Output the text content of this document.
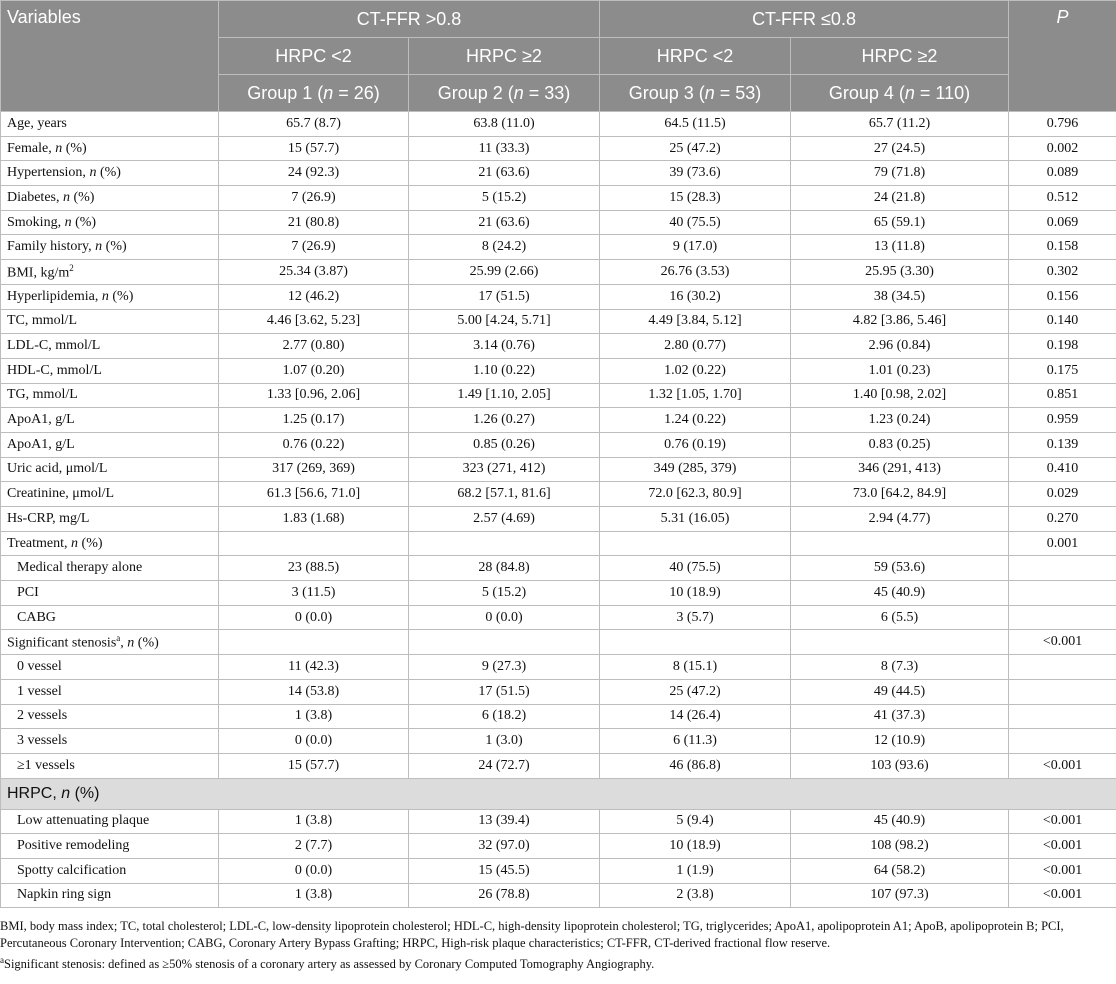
Variables	CT-FFR >0.8		CT-FFR ≤0.8		P
	HRPC <2	HRPC ≥2	HRPC <2	HRPC ≥2	
	Group 1 (n = 26)	Group 2 (n = 33)	Group 3 (n = 53)	Group 4 (n = 110)	
Age, years	65.7 (8.7)	63.8 (11.0)	64.5 (11.5)	65.7 (11.2)	0.796
Female, n (%)	15 (57.7)	11 (33.3)	25 (47.2)	27 (24.5)	0.002
Hypertension, n (%)	24 (92.3)	21 (63.6)	39 (73.6)	79 (71.8)	0.089
Diabetes, n (%)	7 (26.9)	5 (15.2)	15 (28.3)	24 (21.8)	0.512
Smoking, n (%)	21 (80.8)	21 (63.6)	40 (75.5)	65 (59.1)	0.069
Family history, n (%)	7 (26.9)	8 (24.2)	9 (17.0)	13 (11.8)	0.158
BMI, $kg/m^2$	25.34 (3.87)	25.99 (2.66)	26.76 (3.53)	25.95 (3.30)	0.302
Hyperlipidemia, n (%)	12 (46.2)	17 (51.5)	16 (30.2)	38 (34.5)	0.156
TC, mmol/L	4.46 [3.62, 5.23]	5.00 [4.24, 5.71]	4.49 [3.84, 5.12]	4.82 [3.86, 5.46]	0.140
LDL-C, mmol/L	2.77 (0.80)	3.14 (0.76)	2.80 (0.77)	2.96 (0.84)	0.198
HDL-C, mmol/L	1.07 (0.20)	1.10 (0.22)	1.02 (0.22)	1.01 (0.23)	0.175
TG, mmol/L	1.33 [0.96, 2.06]	1.49 [1.10, 2.05]	1.32 [1.05, 1.70]	1.40 [0.98, 2.02]	0.851
ApoA1, g/L	1.25 (0.17)	1.26 (0.27)	1.24 (0.22)	1.23 (0.24)	0.959
ApoA1, g/L	0.76 (0.22)	0.85 (0.26)	0.76 (0.19)	0.83 (0.25)	0.139
Uric acid, μmol/L	317 (269, 369)	323 (271, 412)	349 (285, 379)	346 (291, 413)	0.410
Creatinine, μmol/L	61.3 [56.6, 71.0]	68.2 [57.1, 81.6]	72.0 [62.3, 80.9]	73.0 [64.2, 84.9]	0.029
Hs-CRP, mg/L	1.83 (1.68)	2.57 (4.69)	5.31 (16.05)	2.94 (4.77)	0.270
Treatment, n (%)					0.001
Medical therapy alone	23 (88.5)	28 (84.8)	40 (75.5)	59 (53.6)	
PCI	3 (11.5)	5 (15.2)	10 (18.9)	45 (40.9)	
CABG	0 (0.0)	0 (0.0)	3 (5.7)	6 (5.5)	
Significant stenosis$^a$, n (%)					<0.001
0 vessel	11 (42.3)	9 (27.3)	8 (15.1)	8 (7.3)	
1 vessel	14 (53.8)	17 (51.5)	25 (47.2)	49 (44.5)	
2 vessels	1 (3.8)	6 (18.2)	14 (26.4)	41 (37.3)	
3 vessels	0 (0.0)	1 (3.0)	6 (11.3)	12 (10.9)	
≥1 vessels	15 (57.7)	24 (72.7)	46 (86.8)	103 (93.6)	<0.001
HRPC, n (%)					
Low attenuating plaque	1 (3.8)	13 (39.4)	5 (9.4)	45 (40.9)	<0.001
Positive remodeling	2 (7.7)	32 (97.0)	10 (18.9)	108 (98.2)	<0.001
Spotty calcification	0 (0.0)	15 (45.5)	1 (1.9)	64 (58.2)	<0.001
Napkin ring sign	1 (3.8)	26 (78.8)	2 (3.8)	107 (97.3)	<0.001

BMI, body mass index; TC, total cholesterol; LDL-C, low-density lipoprotein cholesterol; HDL-C, high-density lipoprotein cholesterol; TG, triglycerides; ApoA1, apolipoprotein A1; ApoB, apolipoprotein B; PCI, Percutaneous Coronary Intervention; CABG, Coronary Artery Bypass Grafting; HRPC, High-risk plaque characteristics; CT-FFR, CT-derived fractional flow reserve.

$^a$Significant stenosis: defined as ≥50% stenosis of a coronary artery as assessed by Coronary Computed Tomography Angiography.
